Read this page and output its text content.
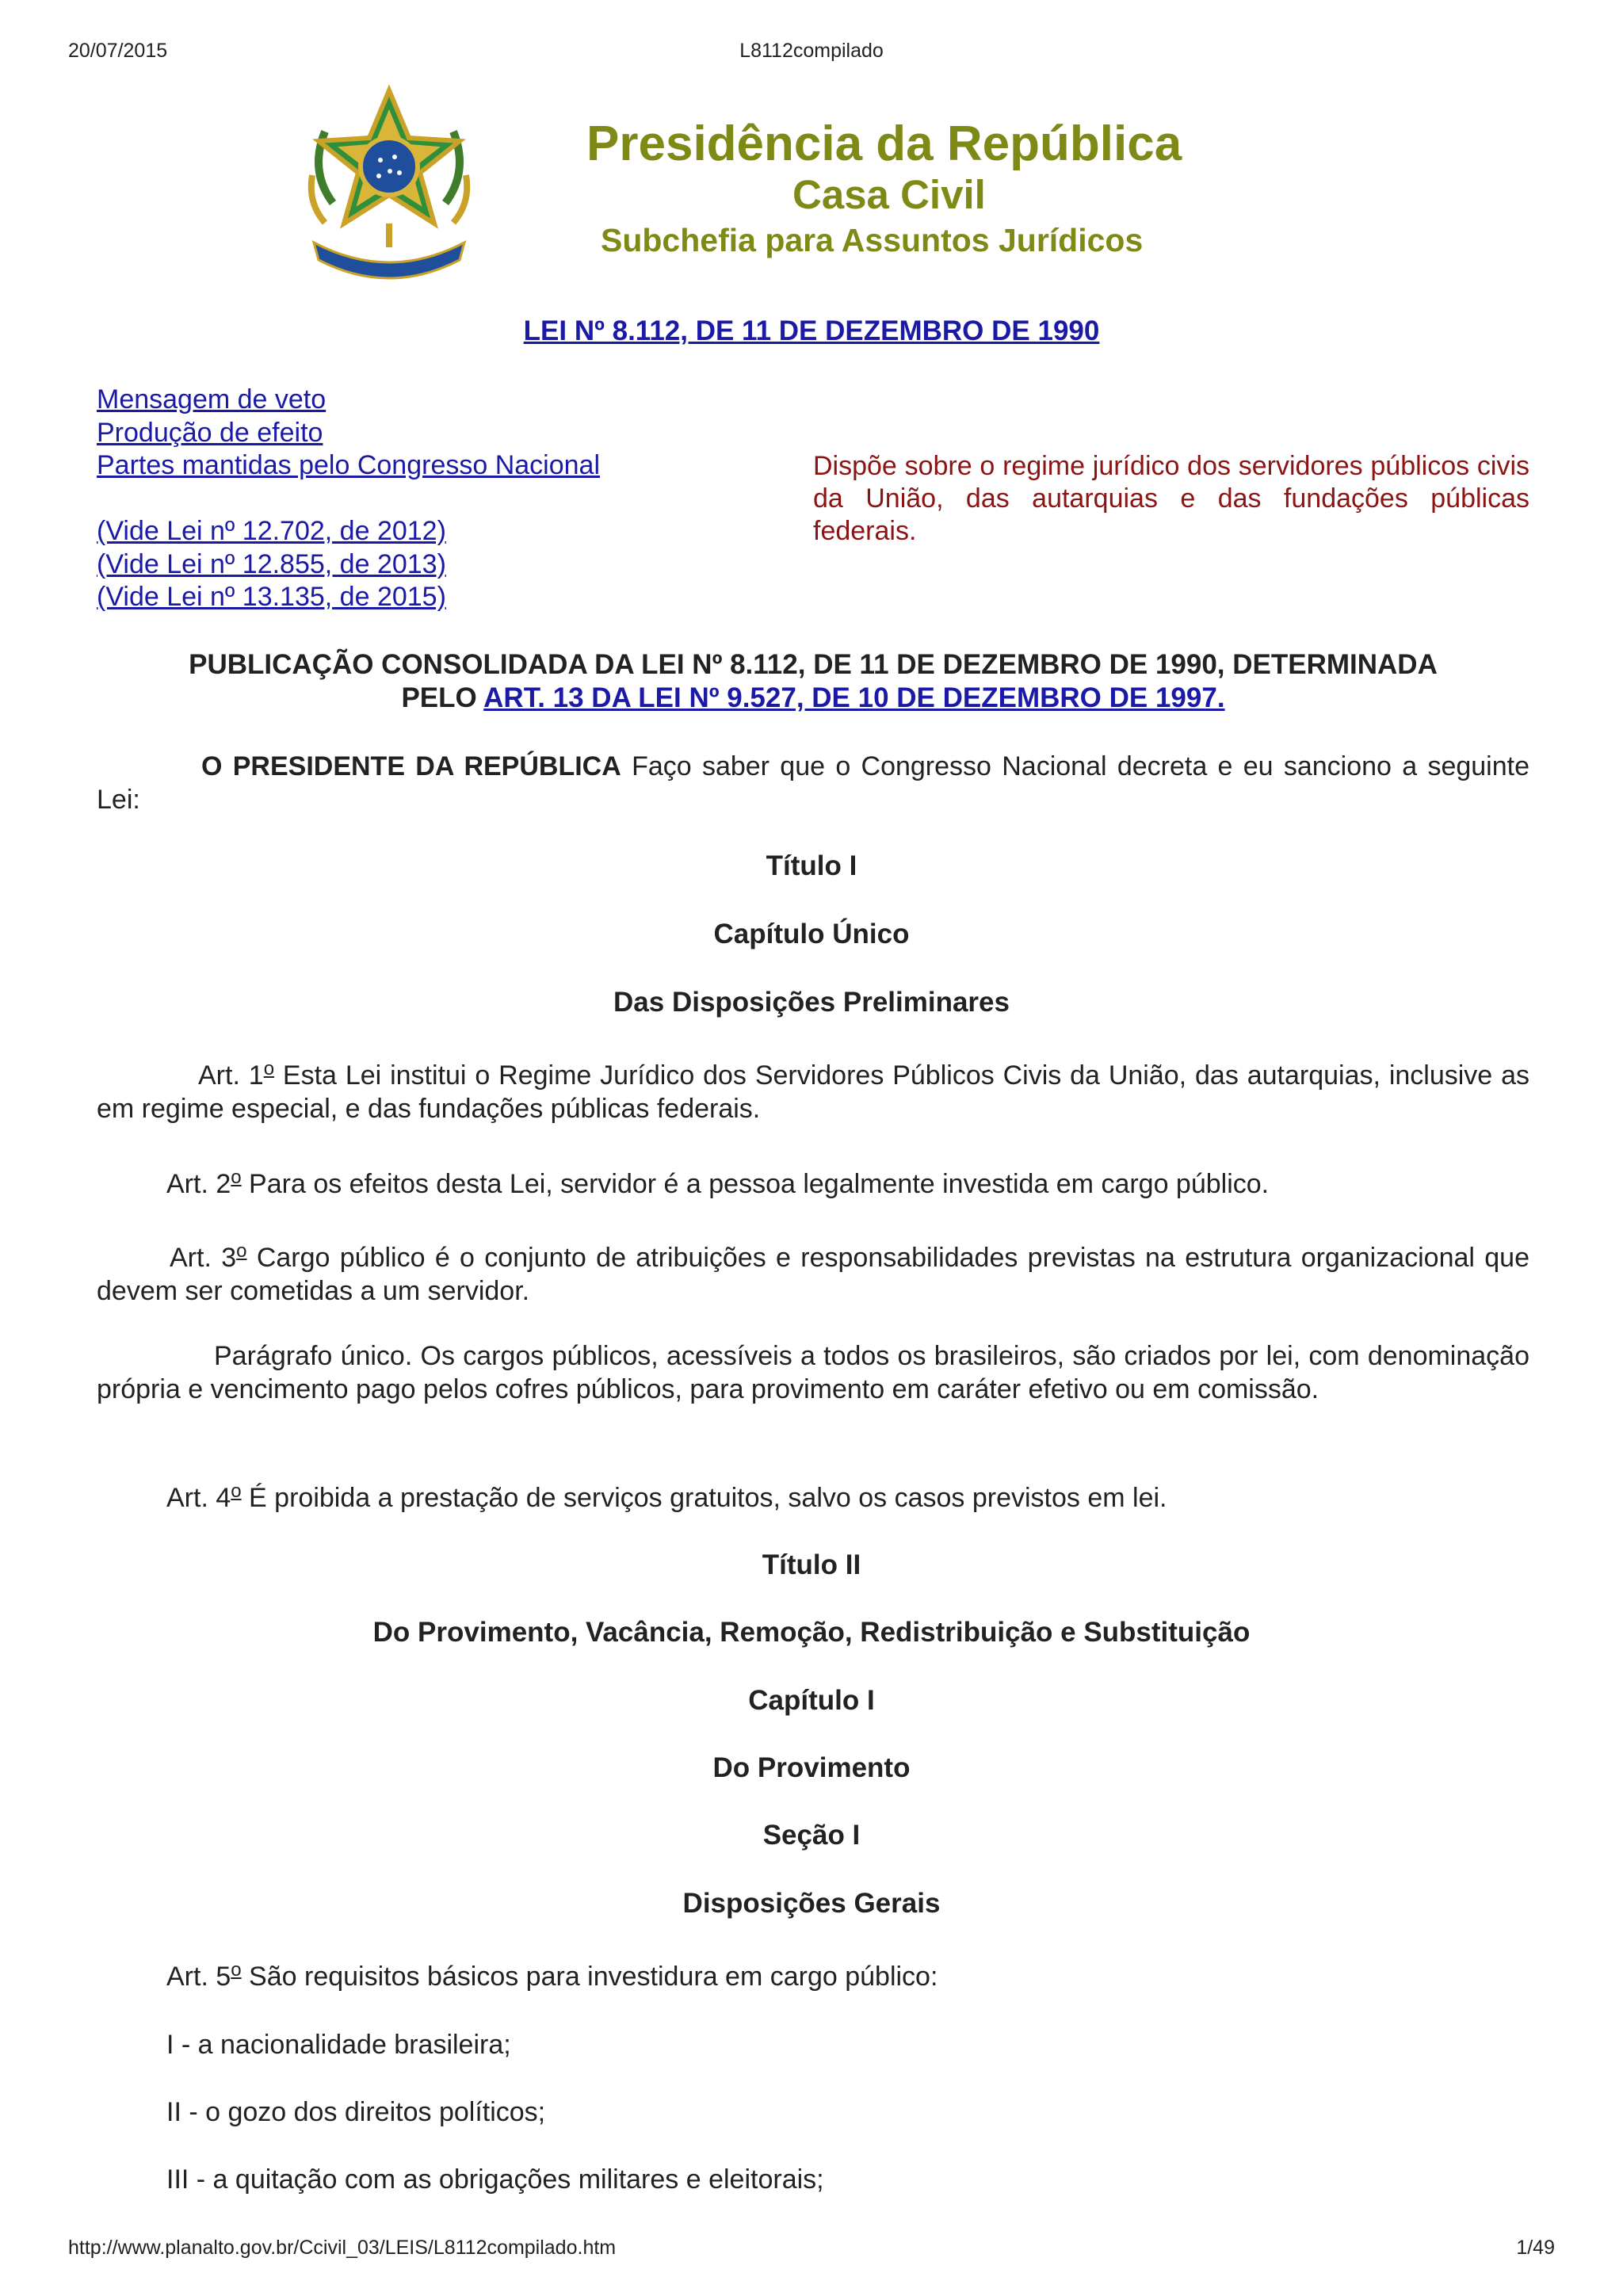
20/07/2015	L8112compilado
Presidência da República
Casa Civil
Subchefia para Assuntos Jurídicos
LEI Nº 8.112, DE 11 DE DEZEMBRO DE 1990
Mensagem de veto
Produção de efeito
Partes mantidas pelo Congresso Nacional
(Vide Lei nº 12.702, de 2012)
(Vide Lei nº 12.855, de 2013)
(Vide Lei nº 13.135, de 2015)
Dispõe sobre o regime jurídico dos servidores públicos civis da União, das autarquias e das fundações públicas federais.
PUBLICAÇÃO CONSOLIDADA DA LEI Nº 8.112, DE 11 DE DEZEMBRO DE 1990, DETERMINADA
PELO ART. 13 DA LEI Nº 9.527, DE 10 DE DEZEMBRO DE 1997.
O PRESIDENTE DA REPÚBLICA Faço saber que o Congresso Nacional decreta e eu sanciono a seguinte Lei:
Título I
Capítulo Único
Das Disposições Preliminares
Art. 1$^o$ Esta Lei institui o Regime Jurídico dos Servidores Públicos Civis da União, das autarquias, inclusive as em regime especial, e das fundações públicas federais.
Art. 2$^o$ Para os efeitos desta Lei, servidor é a pessoa legalmente investida em cargo público.
Art. 3$^o$ Cargo público é o conjunto de atribuições e responsabilidades previstas na estrutura organizacional que devem ser cometidas a um servidor.
Parágrafo único. Os cargos públicos, acessíveis a todos os brasileiros, são criados por lei, com denominação própria e vencimento pago pelos cofres públicos, para provimento em caráter efetivo ou em comissão.
Art. 4$^o$ É proibida a prestação de serviços gratuitos, salvo os casos previstos em lei.
Título II
Do Provimento, Vacância, Remoção, Redistribuição e Substituição
Capítulo I
Do Provimento
Seção I
Disposições Gerais
Art. 5$^o$ São requisitos básicos para investidura em cargo público:
I - a nacionalidade brasileira;
II - o gozo dos direitos políticos;
III - a quitação com as obrigações militares e eleitorais;
http://www.planalto.gov.br/Ccivil_03/LEIS/L8112compilado.htm	1/49
